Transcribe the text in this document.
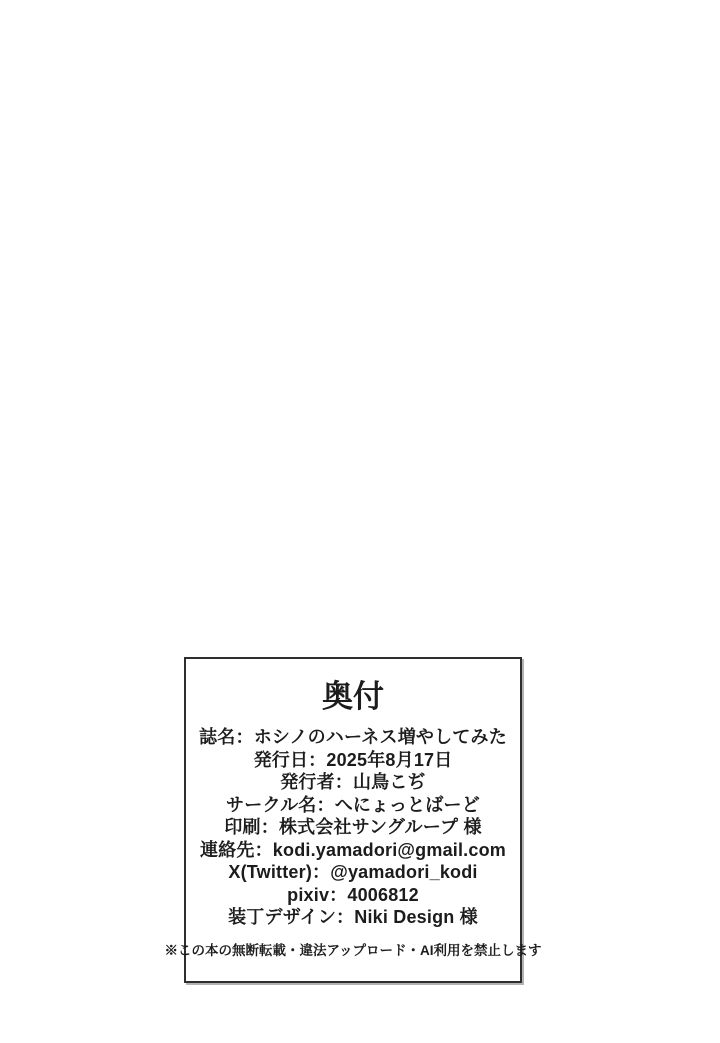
奥付
誌名：ホシノのハーネス増やしてみた
発行日：2025年8月17日
発行者：山鳥こぢ
サークル名：へにょっとばーど
印刷：株式会社サングループ 様
連絡先：kodi.yamadori@gmail.com
X(Twitter)：@yamadori_kodi
pixiv：4006812
装丁デザイン：Niki Design 様
※この本の無断転載・違法アップロード・AI利用を禁止します
